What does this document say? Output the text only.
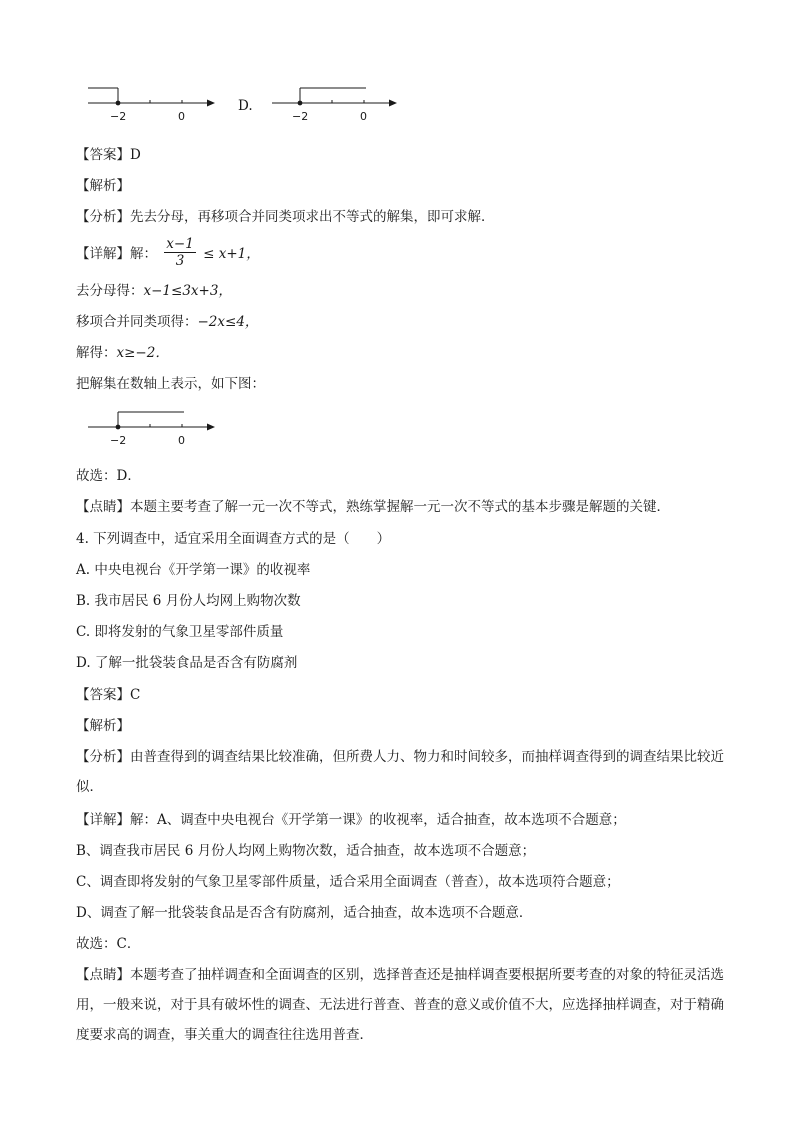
−2	0
D.
−2	0
【答案】D
【解析】
【分析】先去分母，再移项合并同类项求出不等式的解集，即可求解．
【详解】解： $\frac{x-1}{3} \le x+1$，
去分母得：x−1≤3x+3，
移项合并同类项得：−2x≤4，
解得：x≥−2．
把解集在数轴上表示，如下图：
−2	0
故选：D．
【点睛】本题主要考查了解一元一次不等式，熟练掌握解一元一次不等式的基本步骤是解题的关键．
4. 下列调查中，适宜采用全面调查方式的是（　　）
A. 中央电视台《开学第一课》的收视率
B. 我市居民 6 月份人均网上购物次数
C. 即将发射的气象卫星零部件质量
D. 了解一批袋装食品是否含有防腐剂
【答案】C
【解析】
【分析】由普查得到的调查结果比较准确，但所费人力、物力和时间较多，而抽样调查得到的调查结果比较近似．
【详解】解：A、调查中央电视台《开学第一课》的收视率，适合抽查，故本选项不合题意；
B、调查我市居民 6 月份人均网上购物次数，适合抽查，故本选项不合题意；
C、调查即将发射的气象卫星零部件质量，适合采用全面调查（普查），故本选项符合题意；
D、调查了解一批袋装食品是否含有防腐剂，适合抽查，故本选项不合题意．
故选：C．
【点睛】本题考查了抽样调查和全面调查的区别，选择普查还是抽样调查要根据所要考查的对象的特征灵活选用，一般来说，对于具有破坏性的调查、无法进行普查、普查的意义或价值不大，应选择抽样调查，对于精确度要求高的调查，事关重大的调查往往选用普查．
